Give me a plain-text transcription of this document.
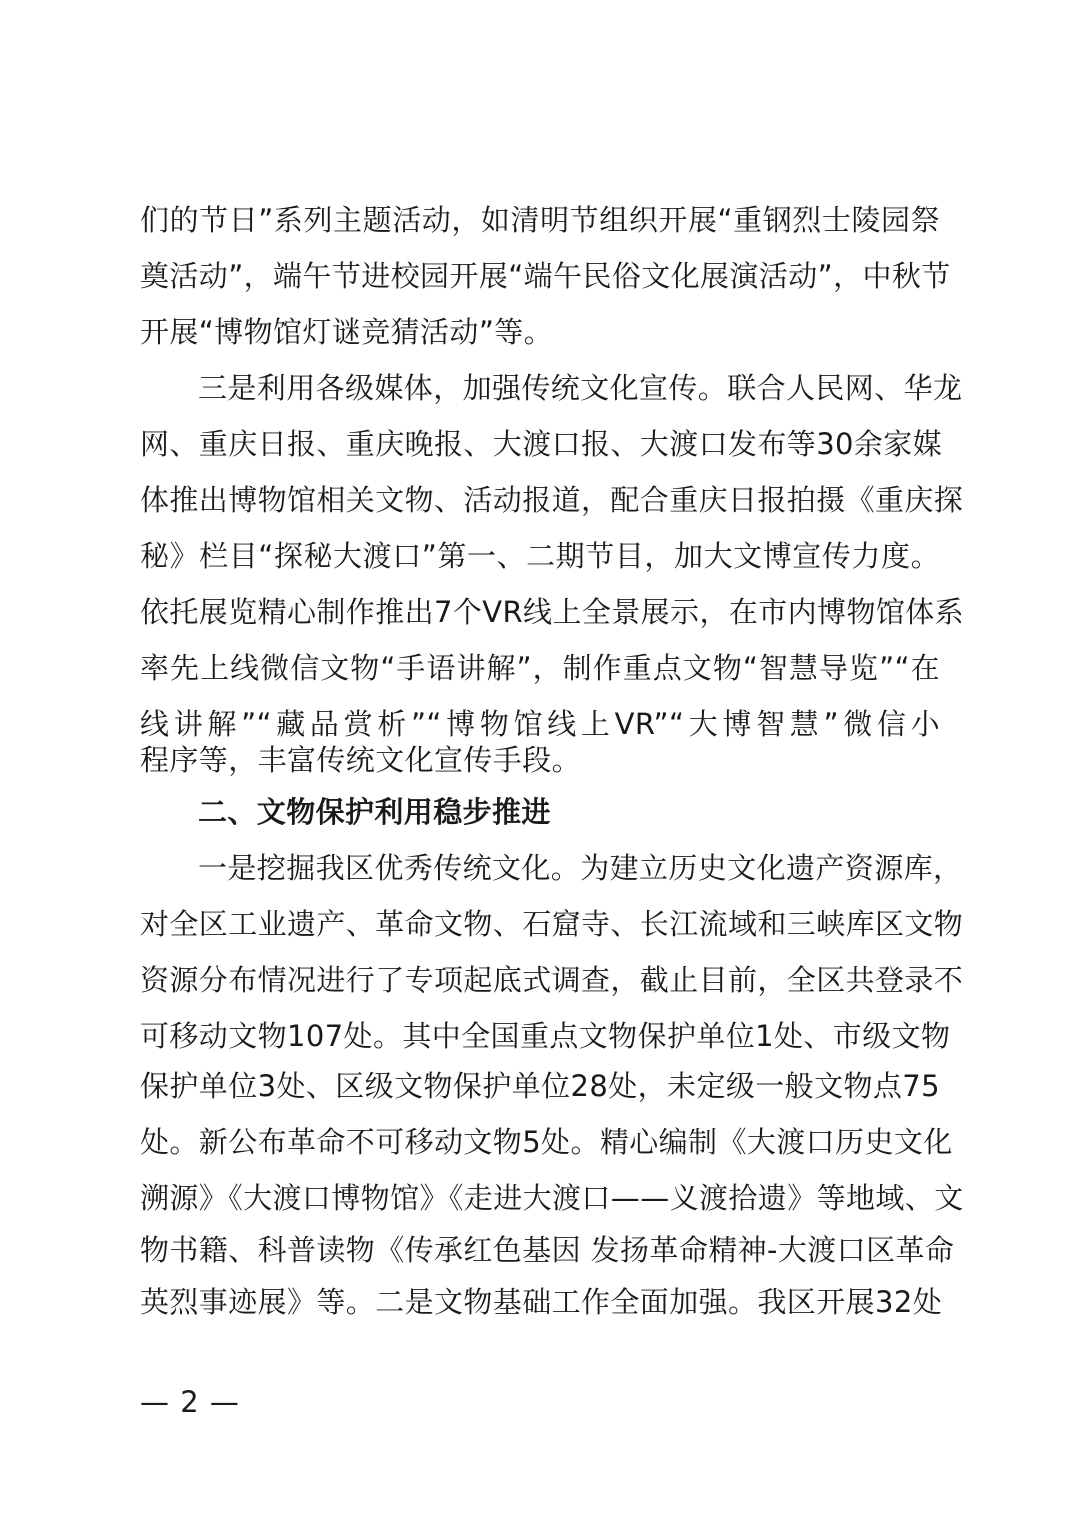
们的节日”系列主题活动，如清明节组织开展“重钢烈士陵园祭
奠活动”，端午节进校园开展“端午民俗文化展演活动”，中秋节
开展“博物馆灯谜竞猜活动”等。
三是利用各级媒体，加强传统文化宣传。联合人民网、华龙
网、重庆日报、重庆晚报、大渡口报、大渡口发布等30余家媒
体推出博物馆相关文物、活动报道，配合重庆日报拍摄《重庆探
秘》栏目“探秘大渡口”第一、二期节目，加大文博宣传力度。
依托展览精心制作推出7个VR线上全景展示，在市内博物馆体系
率先上线微信文物“手语讲解”，制作重点文物“智慧导览”“在
线讲解”“藏品赏析”“博物馆线上VR”“大博智慧”微信小
程序等，丰富传统文化宣传手段。
二、文物保护利用稳步推进
一是挖掘我区优秀传统文化。为建立历史文化遗产资源库，
对全区工业遗产、革命文物、石窟寺、长江流域和三峡库区文物
资源分布情况进行了专项起底式调查，截止目前，全区共登录不
可移动文物107处。其中全国重点文物保护单位1处、市级文物
保护单位3处、区级文物保护单位28处，未定级一般文物点75
处。新公布革命不可移动文物5处。精心编制《大渡口历史文化
溯源》《大渡口博物馆》《走进大渡口——义渡拾遗》等地域、文
物书籍、科普读物《传承红色基因 发扬革命精神-大渡口区革命
英烈事迹展》等。二是文物基础工作全面加强。我区开展32处
— 2 —
